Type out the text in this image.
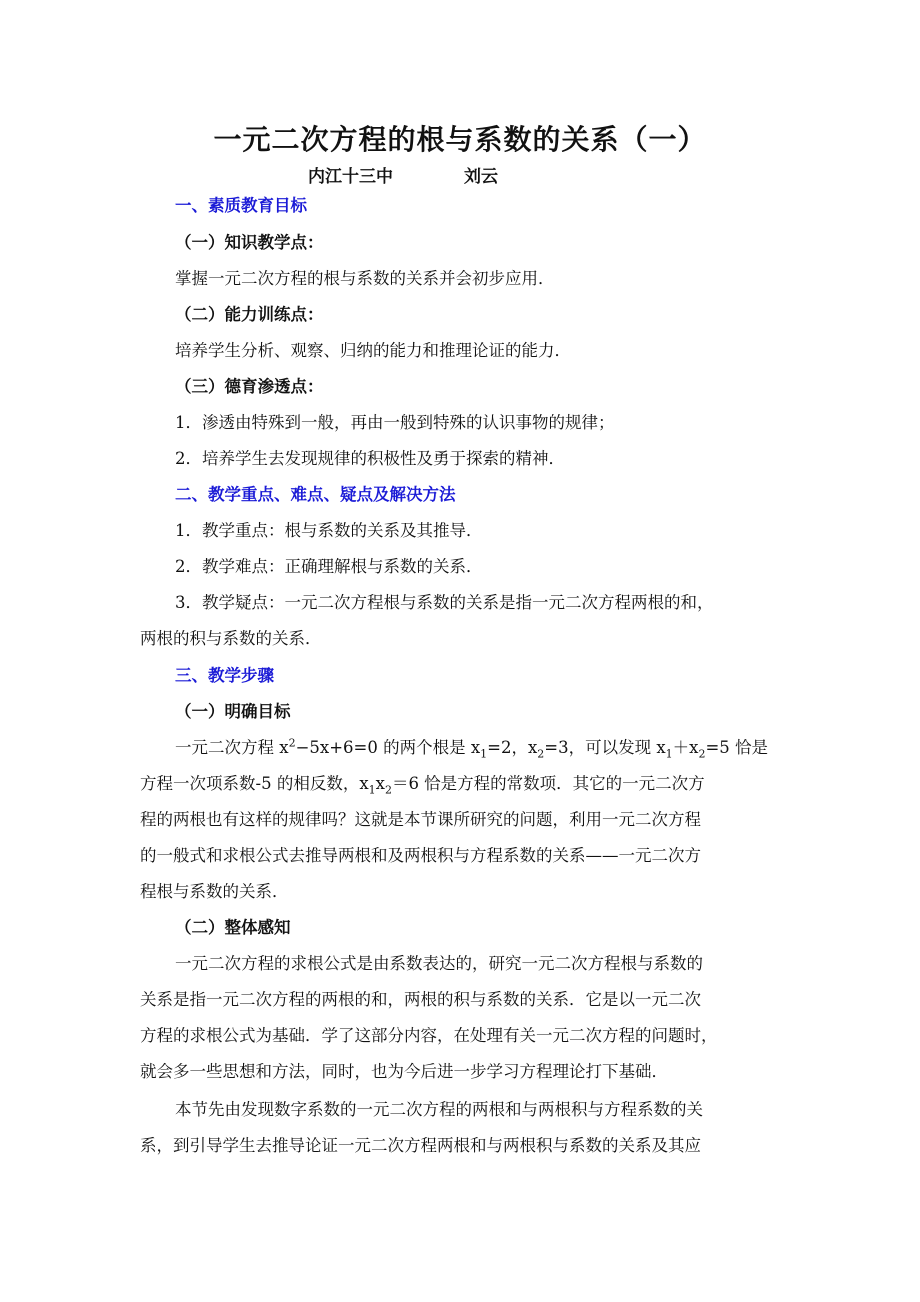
一元二次方程的根与系数的关系（一）
内江十三中            刘云
一、素质教育目标
（一）知识教学点：
掌握一元二次方程的根与系数的关系并会初步应用．
（二）能力训练点：
培养学生分析、观察、归纳的能力和推理论证的能力．
（三）德育渗透点：
1．渗透由特殊到一般，再由一般到特殊的认识事物的规律；
2．培养学生去发现规律的积极性及勇于探索的精神．
二、教学重点、难点、疑点及解决方法
1．教学重点：根与系数的关系及其推导．
2．教学难点：正确理解根与系数的关系．
3．教学疑点：一元二次方程根与系数的关系是指一元二次方程两根的和，
两根的积与系数的关系．
三、教学步骤
（一）明确目标
一元二次方程 $x^2-5x+6=0$ 的两个根是 $x_1=2$，$x_2=3$，可以发现 $x_1+x_2=5$ 恰是
方程一次项系数-5 的相反数，$x_1x_2=6$ 恰是方程的常数项．其它的一元二次方
程的两根也有这样的规律吗？这就是本节课所研究的问题，利用一元二次方程
的一般式和求根公式去推导两根和及两根积与方程系数的关系——一元二次方
程根与系数的关系．
（二）整体感知
一元二次方程的求根公式是由系数表达的，研究一元二次方程根与系数的
关系是指一元二次方程的两根的和，两根的积与系数的关系．它是以一元二次
方程的求根公式为基础．学了这部分内容，在处理有关一元二次方程的问题时，
就会多一些思想和方法，同时，也为今后进一步学习方程理论打下基础．
本节先由发现数字系数的一元二次方程的两根和与两根积与方程系数的关
系，到引导学生去推导论证一元二次方程两根和与两根积与系数的关系及其应
